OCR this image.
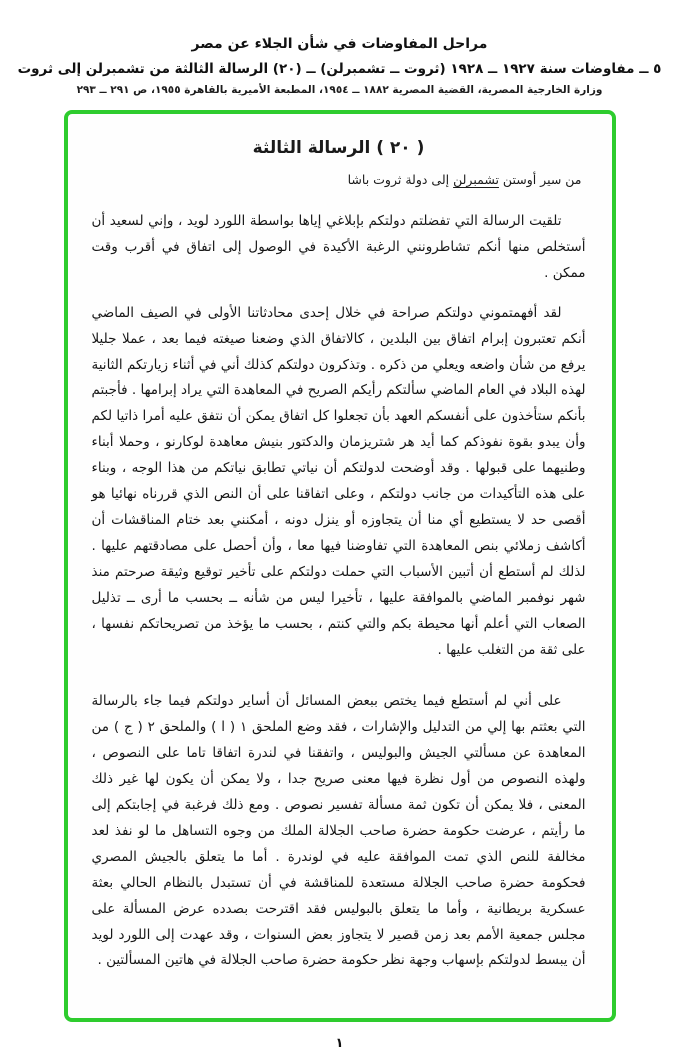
مراحل المفاوضات في شأن الجلاء عن مصر
٥ ــ مفاوضات سنة ١٩٢٧ ــ ١٩٢٨ (ثروت ــ تشمبرلن) ــ (٢٠) الرسالة الثالثة من تشمبرلن إلى ثروت
وزارة الخارجية المصرية، القضية المصرية ١٨٨٢ ــ ١٩٥٤، المطبعة الأميرية بالقاهرة ١٩٥٥، ص ٢٩١ ــ ٢٩٣
( ٢٠ ) الرسالة الثالثة
من سير أوستن تشمبرلن إلى دولة ثروت باشا

تلقيت الرسالة التي تفضلتم دولتكم بإبلاغي إياها بواسطة اللورد لويد ، وإني لسعيد أن أستخلص منها أنكم تشاطرونني الرغبة الأكيدة في الوصول إلى اتفاق في أقرب وقت ممكن .

لقد أفهمتموني دولتكم صراحة في خلال إحدى محادثاتنا الأولى في الصيف الماضي أنكم تعتبرون إبرام اتفاق بين البلدين ، كالاتفاق الذي وضعنا صيغته فيما بعد ، عملا جليلا يرفع من شأن واضعه ويعلي من ذكره . وتذكرون دولتكم كذلك أني في أثناء زيارتكم الثانية لهذه البلاد في العام الماضي سألتكم رأيكم الصريح في المعاهدة التي يراد إبرامها . فأجبتم بأنكم ستأخذون على أنفسكم العهد بأن تجعلوا كل اتفاق يمكن أن نتفق عليه أمرا ذاتيا لكم وأن يبدو بقوة نفوذكم كما أيد هر شتريزمان والدكتور بنيش معاهدة لوكارنو ، وحملا أبناء وطنيهما على قبولها . وقد أوضحت لدولتكم أن نياتي تطابق نياتكم من هذا الوجه ، وبناء على هذه التأكيدات من جانب دولتكم ، وعلى اتفاقنا على أن النص الذي قررناه نهائيا هو أقصى حد لا يستطيع أي منا أن يتجاوزه أو ينزل دونه ، أمكنني بعد ختام المناقشات أن أكاشف زملائي بنص المعاهدة التي تفاوضنا فيها معا ، وأن أحصل على مصادقتهم عليها . لذلك لم أستطع أن أتبين الأسباب التي حملت دولتكم على تأخير توقيع وثيقة صرحتم منذ شهر نوفمبر الماضي بالموافقة عليها ، تأخيرا ليس من شأنه ــ بحسب ما أرى ــ تذليل الصعاب التي أعلم أنها محيطة بكم والتي كنتم ، بحسب ما يؤخذ من تصريحاتكم نفسها ، على ثقة من التغلب عليها .

على أني لم أستطع فيما يختص ببعض المسائل أن أساير دولتكم فيما جاء بالرسالة التي بعثتم بها إلي من التدليل والإشارات ، فقد وضع الملحق ١ ( ا ) والملحق ٢ ( ج ) من المعاهدة عن مسألتي الجيش والبوليس ، واتفقنا في لندرة اتفاقا تاما على النصوص ، ولهذه النصوص من أول نظرة فيها معنى صريح جدا ، ولا يمكن أن يكون لها غير ذلك المعنى ، فلا يمكن أن تكون ثمة مسألة تفسير نصوص . ومع ذلك فرغبة في إجابتكم إلى ما رأيتم ، عرضت حكومة حضرة صاحب الجلالة الملك من وجوه التساهل ما لو نفذ لعد مخالفة للنص الذي تمت الموافقة عليه في لوندرة . أما ما يتعلق بالجيش المصري فحكومة حضرة صاحب الجلالة مستعدة للمناقشة في أن تستبدل بالنظام الحالي بعثة عسكرية بريطانية ، وأما ما يتعلق بالبوليس فقد اقترحت بصدده عرض المسألة على مجلس جمعية الأمم بعد زمن قصير لا يتجاوز بعض السنوات ، وقد عهدت إلى اللورد لويد أن يبسط لدولتكم بإسهاب وجهة نظر حكومة حضرة صاحب الجلالة في هاتين المسألتين .

١
